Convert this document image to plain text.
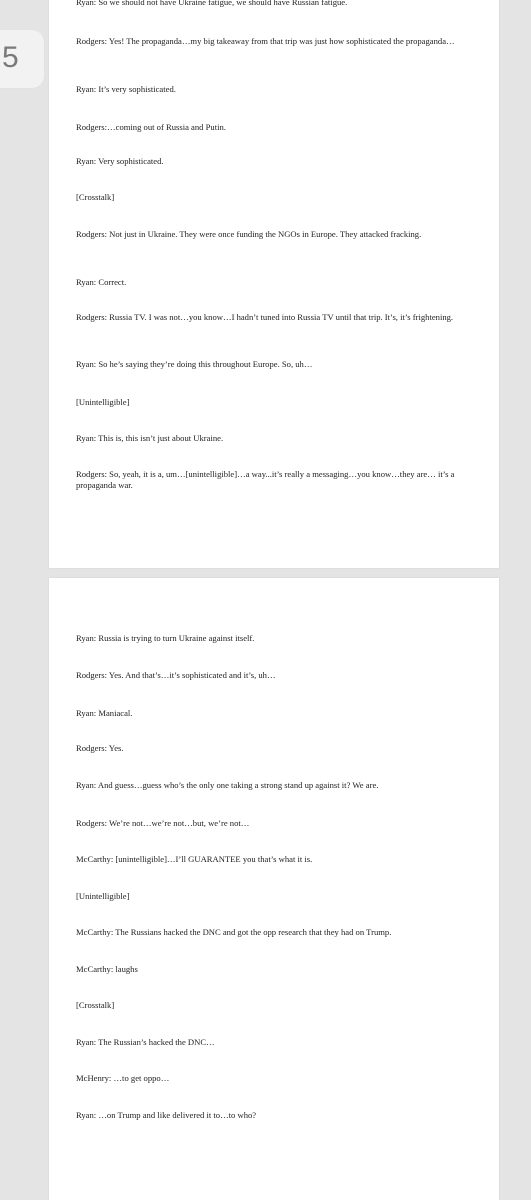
5
Ryan: So we should not have Ukraine fatigue, we should have Russian fatigue.
Rodgers: Yes! The propaganda…my big takeaway from that trip was just how sophisticated the propaganda…
Ryan: It’s very sophisticated.
Rodgers:…coming out of Russia and Putin.
Ryan: Very sophisticated.
[Crosstalk]
Rodgers: Not just in Ukraine. They were once funding the NGOs in Europe. They attacked fracking.
Ryan: Correct.
Rodgers: Russia TV. I was not…you know…I hadn’t tuned into Russia TV until that trip. It’s, it’s frightening.
Ryan: So he’s saying they’re doing this throughout Europe. So, uh…
[Unintelligible]
Ryan: This is, this isn’t just about Ukraine.
Rodgers: So, yeah, it is a, um…[unintelligible]…a way...it’s really a messaging…you know…they are… it’s a propaganda war.
Ryan: Russia is trying to turn Ukraine against itself.
Rodgers: Yes. And that’s…it’s sophisticated and it’s, uh…
Ryan: Maniacal.
Rodgers: Yes.
Ryan: And guess…guess who’s the only one taking a strong stand up against it? We are.
Rodgers: We’re not…we’re not…but, we’re not…
McCarthy: [unintelligible]…I’ll GUARANTEE you that’s what it is.
[Unintelligible]
McCarthy: The Russians hacked the DNC and got the opp research that they had on Trump.
McCarthy: laughs
[Crosstalk]
Ryan: The Russian’s hacked the DNC…
McHenry: …to get oppo…
Ryan: …on Trump and like delivered it to…to who?
